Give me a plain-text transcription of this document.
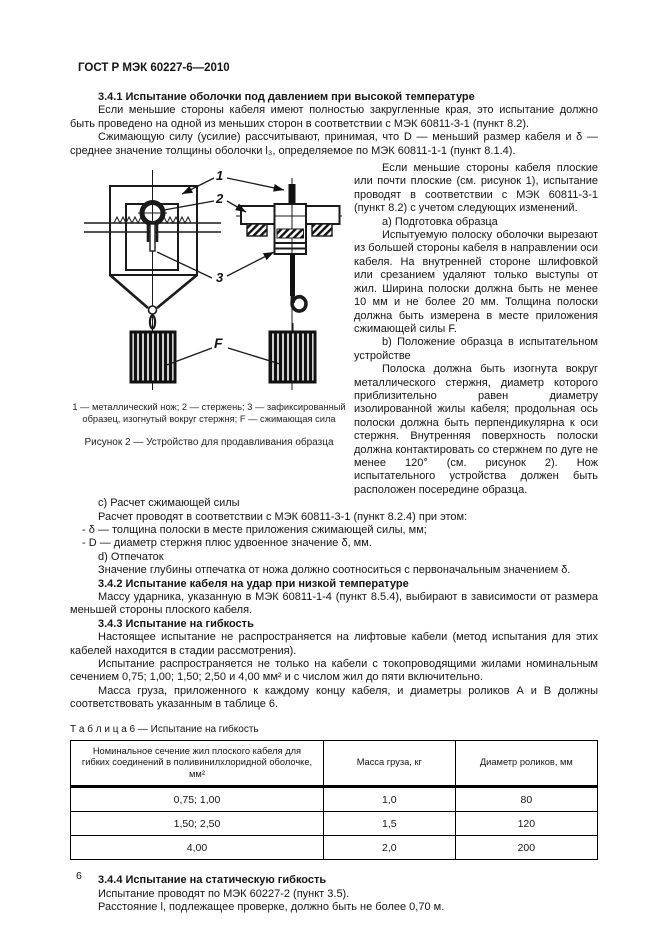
ГОСТ Р МЭК 60227-6—2010

3.4.1 Испытание оболочки под давлением при высокой температуре

Если меньшие стороны кабеля имеют полностью закругленные края, это испытание должно быть проведено на одной из меньших сторон в соответствии с МЭК 60811-3-1 (пункт 8.2).

Сжимающую силу (усилие) рассчитывают, принимая, что D — меньший размер кабеля и δ — среднее значение толщины оболочки l₃, определяемое по МЭК 60811-1-1 (пункт 8.1.4).

1
2
3
F
1 — металлический нож; 2 — стержень; 3 — зафиксированный
образец, изогнутый вокруг стержня; F — сжимающая сила
Рисунок 2 — Устройство для продавливания образца

Если меньшие стороны кабеля плоские или почти плоские (см. рисунок 1), испытание проводят в соответствии с МЭК 60811-3-1 (пункт 8.2) с учетом следующих изменений.

a) Подготовка образца

Испытуемую полоску оболочки вырезают из большей стороны кабеля в направлении оси кабеля. На внутренней стороне шлифовкой или срезанием удаляют только выступы от жил. Ширина полоски должна быть не менее 10 мм и не более 20 мм. Толщина полоски должна быть измерена в месте приложения сжимающей силы F.

b) Положение образца в испытательном устройстве

Полоска должна быть изогнута вокруг металлического стержня, диаметр которого приблизительно равен диаметру изолированной жилы кабеля; продольная ось полоски должна быть перпендикулярна к оси стержня. Внутренняя поверхность полоски должна контактировать со стержнем по дуге не менее 120° (см. рисунок 2). Нож испытательного устройства должен быть расположен посередине образца.

c) Расчет сжимающей силы

Расчет проводят в соответствии с МЭК 60811-3-1 (пункт 8.2.4) при этом:

- δ — толщина полоски в месте приложения сжимающей силы, мм;

- D — диаметр стержня плюс удвоенное значение δ, мм.

d) Отпечаток

Значение глубины отпечатка от ножа должно соотноситься с первоначальным значением δ.

3.4.2 Испытание кабеля на удар при низкой температуре

Массу ударника, указанную в МЭК 60811-1-4 (пункт 8.5.4), выбирают в зависимости от размера меньшей стороны плоского кабеля.

3.4.3 Испытание на гибкость

Настоящее испытание не распространяется на лифтовые кабели (метод испытания для этих кабелей находится в стадии рассмотрения).

Испытание распространяется не только на кабели с токопроводящими жилами номинальным сечением 0,75; 1,00; 1,50; 2,50 и 4,00 мм² и с числом жил до пяти включительно.

Масса груза, приложенного к каждому концу кабеля, и диаметры роликов А и В должны соответствовать указанным в таблице 6.

Т а б л и ц а 6 — Испытание на гибкость
Номинальное сечение жил плоского кабеля для гибких соединений в поливинилхлоридной оболочке, мм²	Масса груза, кг	Диаметр роликов, мм
0,75; 1,00	1,0	80
1,50; 2,50	1,5	120
4,00	2,0	200

3.4.4 Испытание на статическую гибкость

Испытание проводят по МЭК 60227-2 (пункт 3.5).

Расстояние l, подлежащее проверке, должно быть не более 0,70 м.

6
